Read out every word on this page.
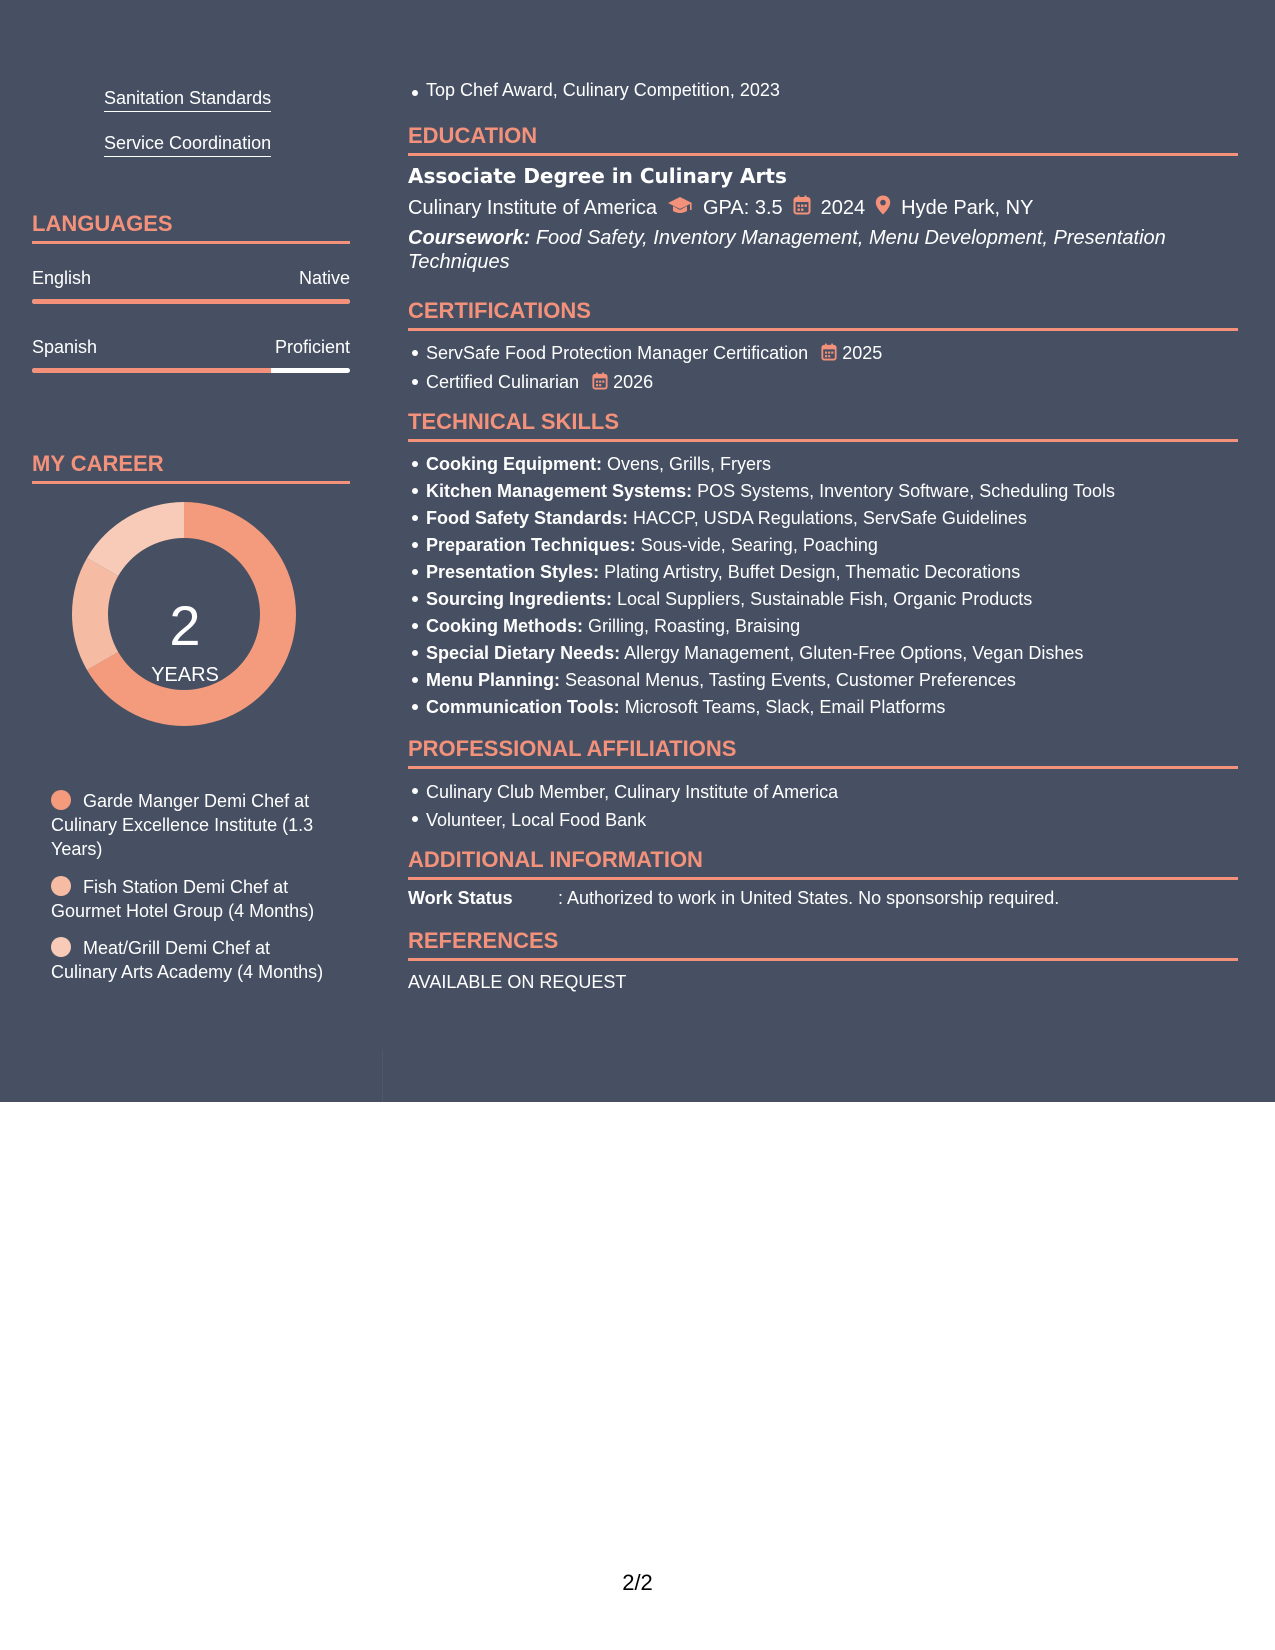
Sanitation Standards
Service Coordination
LANGUAGES
English	Native
Spanish	Proficient
MY CAREER
2
YEARS
Garde Manger Demi Chef at Culinary Excellence Institute (1.3 Years)
Fish Station Demi Chef at Gourmet Hotel Group (4 Months)
Meat/Grill Demi Chef at Culinary Arts Academy (4 Months)
Top Chef Award, Culinary Competition, 2023
EDUCATION
Associate Degree in Culinary Arts
Culinary Institute of America GPA: 3.5 2024 Hyde Park, NY
Coursework: Food Safety, Inventory Management, Menu Development, Presentation Techniques
CERTIFICATIONS
ServSafe Food Protection Manager Certification 2025
Certified Culinarian 2026
TECHNICAL SKILLS
Cooking Equipment: Ovens, Grills, Fryers
Kitchen Management Systems: POS Systems, Inventory Software, Scheduling Tools
Food Safety Standards: HACCP, USDA Regulations, ServSafe Guidelines
Preparation Techniques: Sous-vide, Searing, Poaching
Presentation Styles: Plating Artistry, Buffet Design, Thematic Decorations
Sourcing Ingredients: Local Suppliers, Sustainable Fish, Organic Products
Cooking Methods: Grilling, Roasting, Braising
Special Dietary Needs: Allergy Management, Gluten-Free Options, Vegan Dishes
Menu Planning: Seasonal Menus, Tasting Events, Customer Preferences
Communication Tools: Microsoft Teams, Slack, Email Platforms
PROFESSIONAL AFFILIATIONS
Culinary Club Member, Culinary Institute of America
Volunteer, Local Food Bank
ADDITIONAL INFORMATION
Work Status	: Authorized to work in United States. No sponsorship required.
REFERENCES
AVAILABLE ON REQUEST
2/2
